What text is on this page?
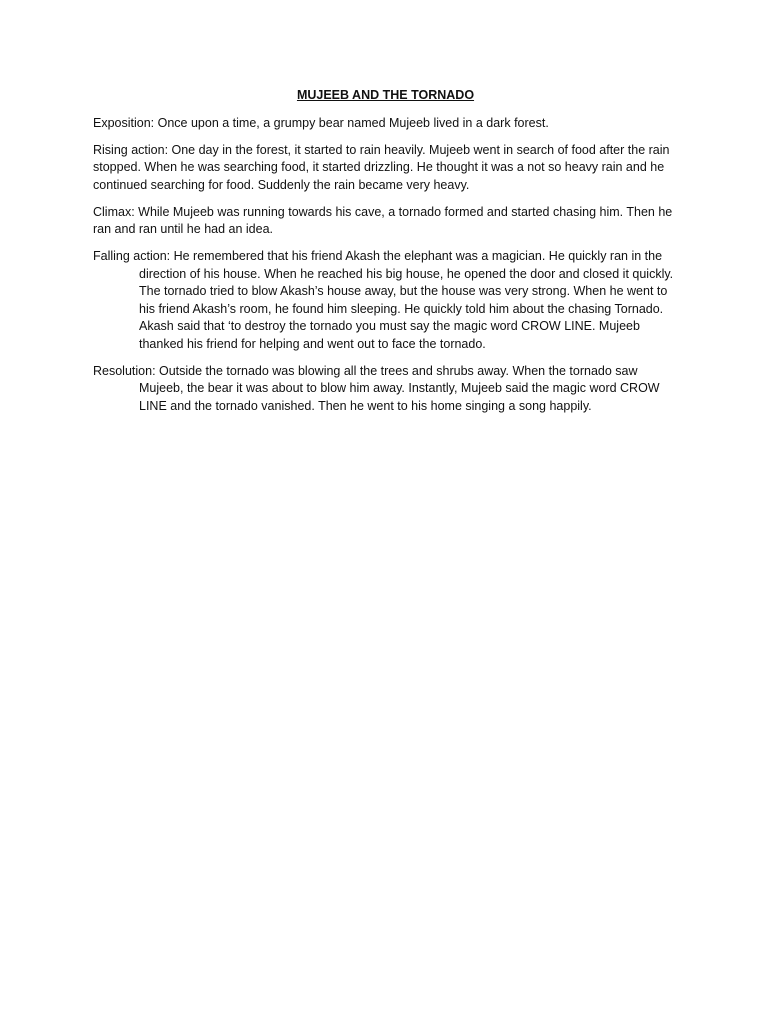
MUJEEB AND THE TORNADO

Exposition: Once upon a time, a grumpy bear named Mujeeb lived in a dark forest.

Rising action: One day in the forest, it started to rain heavily. Mujeeb went in search of food after the rain stopped. When he was searching food, it started drizzling. He thought it was a not so heavy rain and he continued searching for food. Suddenly the rain became very heavy.

Climax: While Mujeeb was running towards his cave, a tornado formed and started chasing him. Then he ran and ran until he had an idea.

Falling action: He remembered that his friend Akash the elephant was a magician. He quickly ran in the direction of his house. When he reached his big house, he opened the door and closed it quickly. The tornado tried to blow Akash’s house away, but the house was very strong. When he went to his friend Akash’s room, he found him sleeping. He quickly told him about the chasing Tornado. Akash said that ‘to destroy the tornado you must say the magic word CROW LINE. Mujeeb thanked his friend for helping and went out to face the tornado.

Resolution: Outside the tornado was blowing all the trees and shrubs away. When the tornado saw Mujeeb, the bear it was about to blow him away. Instantly, Mujeeb said the magic word CROW LINE and the tornado vanished. Then he went to his home singing a song happily.
